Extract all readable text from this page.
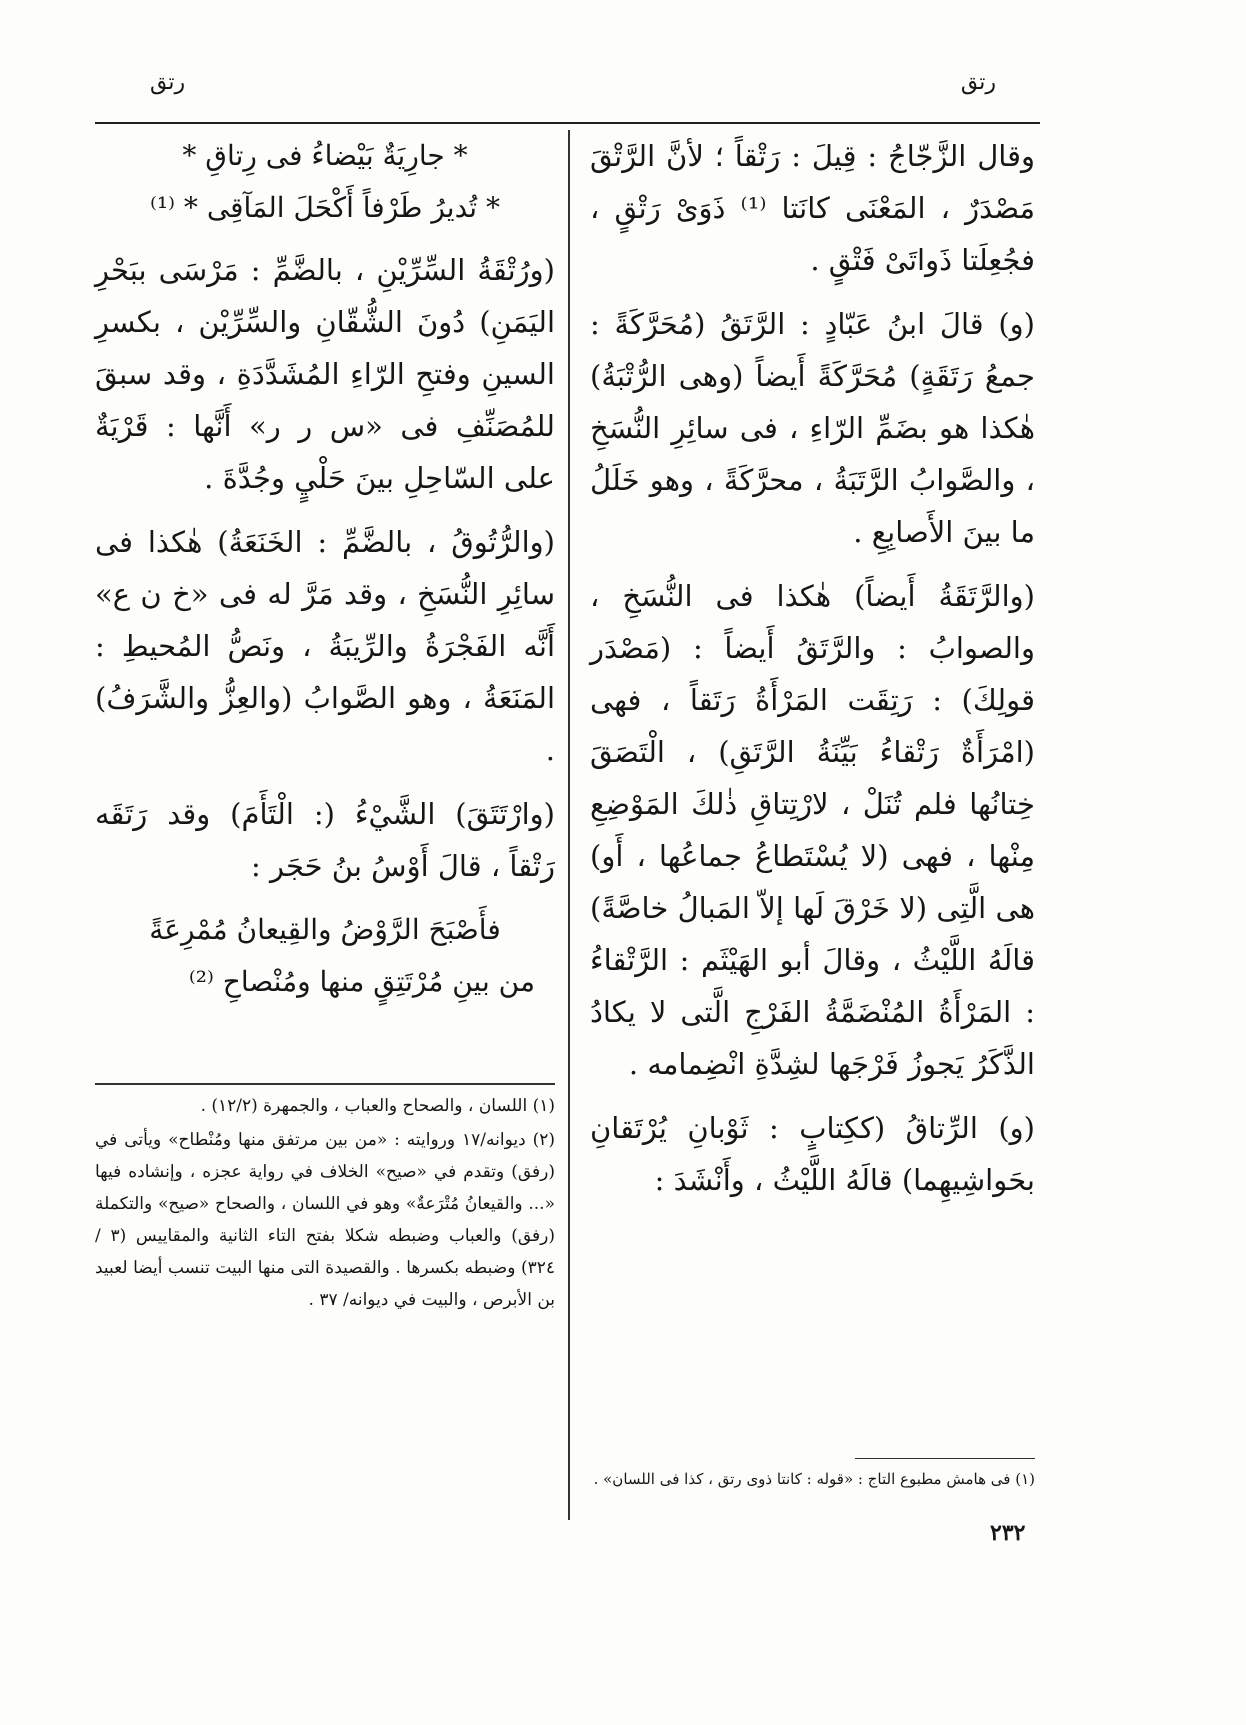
رتق
رتق

وقال الزَّجّاجُ : قِيلَ : رَتْقاً ؛ لأنَّ الرَّتْقَ مَصْدَرٌ ، المَعْنَى كانَتا ⁽¹⁾ ذَوَىْ رَتْقٍ ، فجُعِلَتا ذَواتَىْ فَتْقٍ .

(و) قالَ ابنُ عَبّادٍ : الرَّتَقُ (مُحَرَّكَةً : جمعُ رَتَقَةٍ) مُحَرَّكَةً أَيضاً (وهى الرُّتْبَةُ) هٰكذا هو بضَمِّ الرّاءِ ، فى سائِرِ النُّسَخِ ، والصَّوابُ الرَّتَبَةُ ، محرَّكَةً ، وهو خَلَلُ ما بينَ الأَصابِعِ .

(والرَّتَقَةُ أَيضاً) هٰكذا فى النُّسَخِ ، والصوابُ : والرَّتَقُ أَيضاً : (مَصْدَر قولِكَ) : رَتِقَت المَرْأَةُ رَتَقاً ، فهى (امْرَأَةٌ رَتْقاءُ بَيِّنَةُ الرَّتَقِ) ، الْتَصَقَ خِتانُها فلم تُنَلْ ، لارْتِتاقِ ذٰلكَ المَوْضِعِ مِنْها ، فهى (لا يُسْتَطاعُ جماعُها ، أَو) هى الَّتِى (لا خَرْقَ لَها إلاّ المَبالُ خاصَّةً) قالَهُ اللَّيْثُ ، وقالَ أبو الهَيْثَم : الرَّتْقاءُ : المَرْأَةُ المُنْضَمَّةُ الفَرْجِ الَّتى لا يكادُ الذَّكَرُ يَجوزُ فَرْجَها لشِدَّةِ انْضِمامه .

(و) الرِّتاقُ (ككِتابٍ : ثَوْبانِ يُرْتَقانِ بحَواشِيهِما) قالَهُ اللَّيْثُ ، وأَنْشَدَ :

* جارِيَةٌ بَيْضاءُ فى رِتاقِ *

* تُديرُ طَرْفاً أَكْحَلَ المَآقِى * ⁽¹⁾

(ورُتْقَةُ السِّرِّيْنِ ، بالضَّمِّ : مَرْسَى ببَحْرِ اليَمَنِ) دُونَ الشُّقّانِ والسِّرِّيْن ، بكسرِ السينِ وفتحِ الرّاءِ المُشَدَّدَةِ ، وقد سبقَ للمُصَنِّفِ فى «س ر ر» أَنَّها : قَرْيَةٌ على السّاحِلِ بينَ حَلْيٍ وجُدَّةَ .

(والرُّتُوقُ ، بالضَّمِّ : الخَنَعَةُ) هٰكذا فى سائِرِ النُّسَخِ ، وقد مَرَّ له فى «خ ن ع» أَنَّه الفَجْرَةُ والرِّيبَةُ ، ونَصُّ المُحيطِ : المَنَعَةُ ، وهو الصَّوابُ (والعِزُّ والشَّرَفُ) .

(وارْتَتَقَ) الشَّيْءُ (: الْتَأَمَ) وقد رَتَقَه رَتْقاً ، قالَ أَوْسُ بنُ حَجَر :

فأَصْبَحَ الرَّوْضُ والقِيعانُ مُمْرِعَةً

من بينِ مُرْتَتِقٍ منها ومُنْصاحِ ⁽²⁾

(١) اللسان ، والصحاح والعباب ، والجمهرة (١٢/٢) .

(٢) ديوانه/١٧ وروايته : «من بين مرتفق منها ومُنْطاح» ويأتى في (رفق) وتقدم في «صيح» الخلاف في رواية عجزه ، وإنشاده فيها «... والقيعانُ مُتْرَعةٌ» وهو في اللسان ، والصحاح «صيح» والتكملة (رفق) والعباب وضبطه شكلا بفتح التاء الثانية والمقاييس (٣ / ٣٢٤) وضبطه بكسرها . والقصيدة التى منها البيت تنسب أيضا لعبيد بن الأبرص ، والبيت في ديوانه/ ٣٧ .

(١) فى هامش مطبوع التاج : «قوله : كانتا ذوى رتق ، كذا فى اللسان» .

٢٣٢
